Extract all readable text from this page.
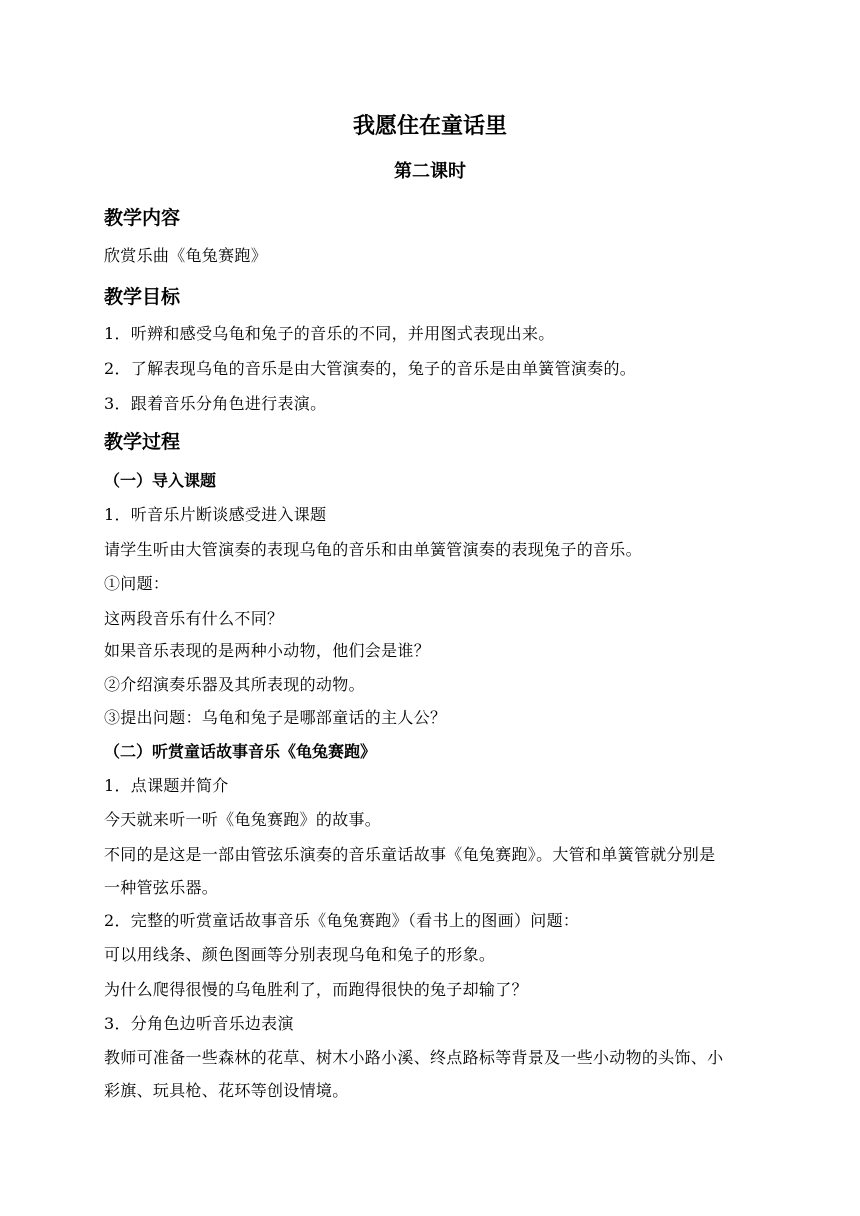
我愿住在童话里
第二课时
教学内容
欣赏乐曲《龟兔赛跑》
教学目标
1．听辨和感受乌龟和兔子的音乐的不同，并用图式表现出来。
2．了解表现乌龟的音乐是由大管演奏的，兔子的音乐是由单簧管演奏的。
3．跟着音乐分角色进行表演。
教学过程
（一）导入课题
1．听音乐片断谈感受进入课题
请学生听由大管演奏的表现乌龟的音乐和由单簧管演奏的表现兔子的音乐。
①问题：
这两段音乐有什么不同？
如果音乐表现的是两种小动物，他们会是谁？
②介绍演奏乐器及其所表现的动物。
③提出问题：乌龟和兔子是哪部童话的主人公？
（二）听赏童话故事音乐《龟兔赛跑》
1．点课题并简介
今天就来听一听《龟兔赛跑》的故事。
不同的是这是一部由管弦乐演奏的音乐童话故事《龟兔赛跑》。大管和单簧管就分别是
一种管弦乐器。
2．完整的听赏童话故事音乐《龟兔赛跑》（看书上的图画）问题：
可以用线条、颜色图画等分别表现乌龟和兔子的形象。
为什么爬得很慢的乌龟胜利了，而跑得很快的兔子却输了？
3．分角色边听音乐边表演
教师可准备一些森林的花草、树木小路小溪、终点路标等背景及一些小动物的头饰、小
彩旗、玩具枪、花环等创设情境。
